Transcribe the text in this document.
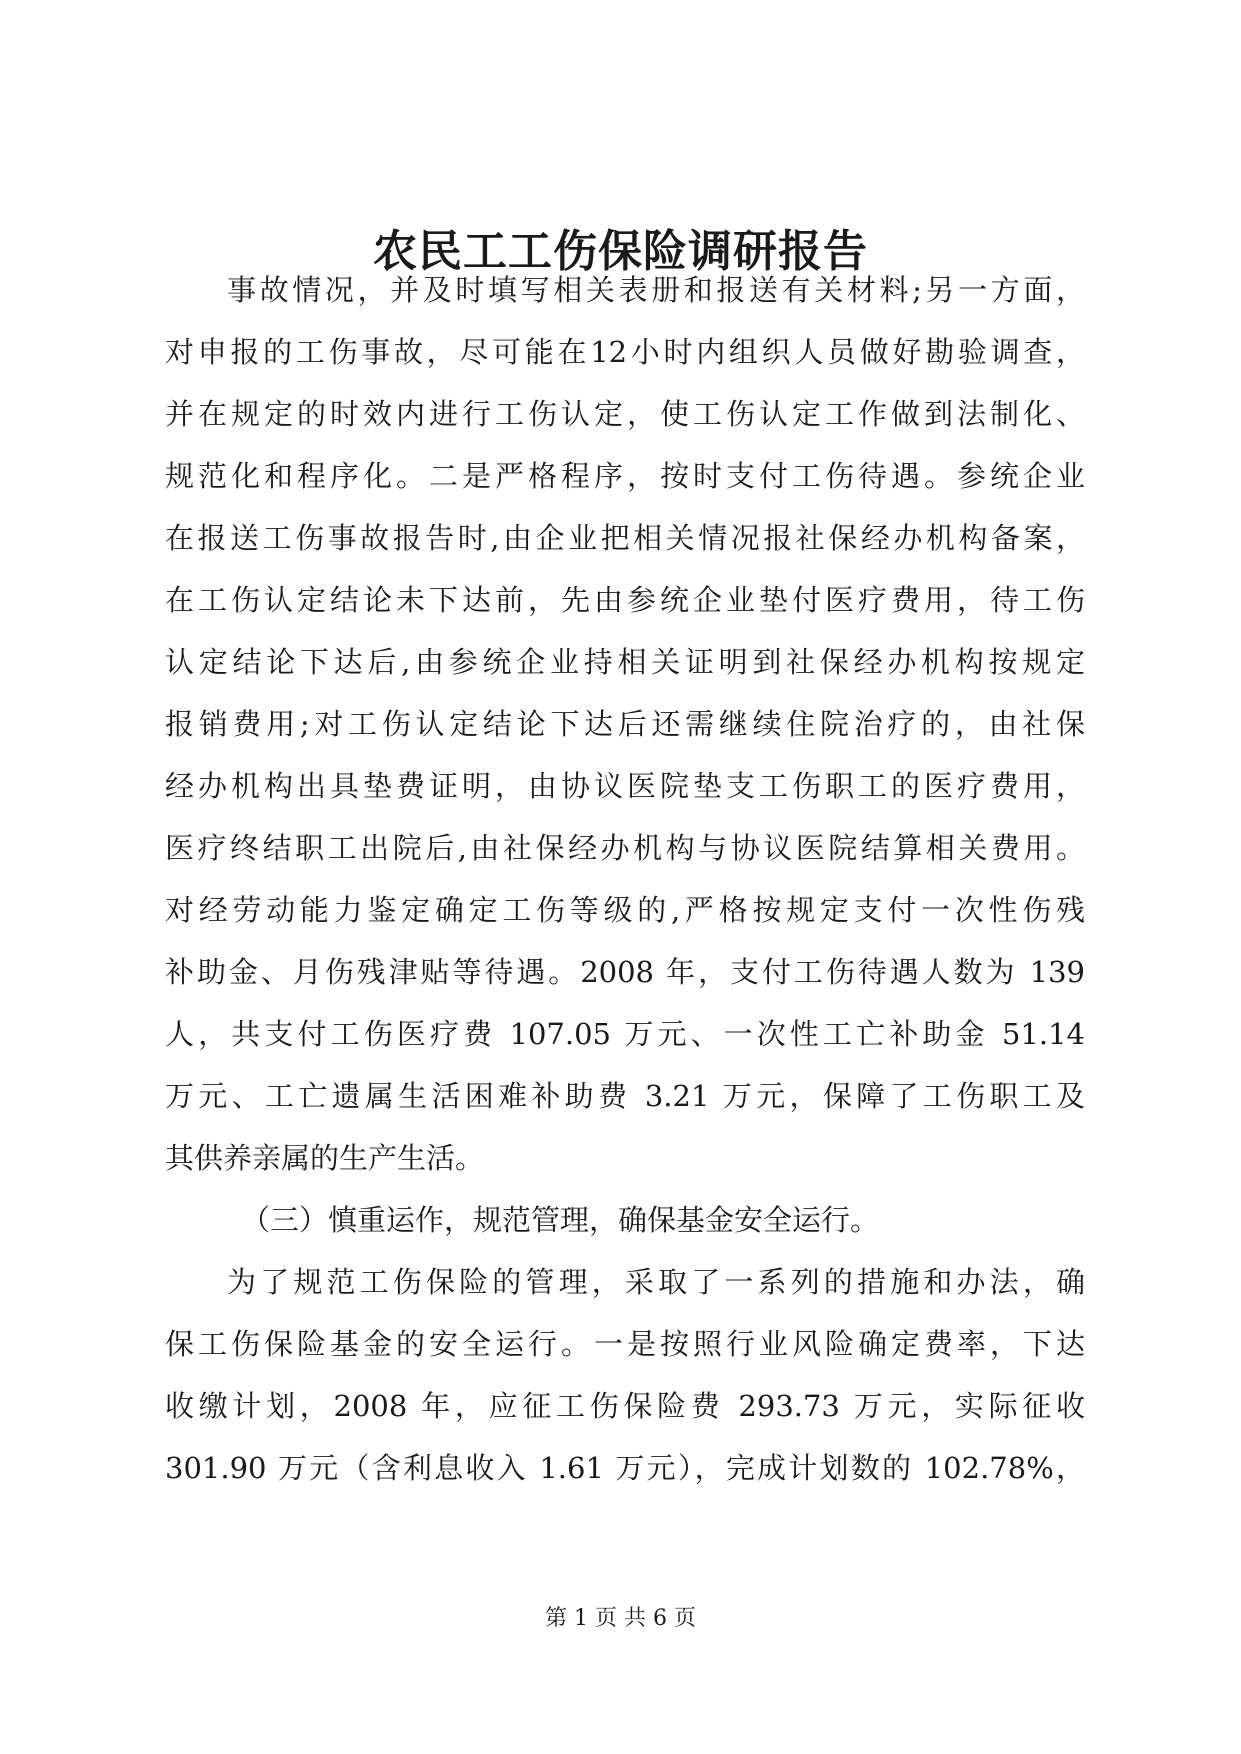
农民工工伤保险调研报告
事故情况，并及时填写相关表册和报送有关材料;另一方面，
对申报的工伤事故，尽可能在12小时内组织人员做好勘验调查，
并在规定的时效内进行工伤认定，使工伤认定工作做到法制化、
规范化和程序化。二是严格程序，按时支付工伤待遇。参统企业
在报送工伤事故报告时,由企业把相关情况报社保经办机构备案，
在工伤认定结论未下达前，先由参统企业垫付医疗费用，待工伤
认定结论下达后,由参统企业持相关证明到社保经办机构按规定
报销费用;对工伤认定结论下达后还需继续住院治疗的，由社保
经办机构出具垫费证明，由协议医院垫支工伤职工的医疗费用，
医疗终结职工出院后,由社保经办机构与协议医院结算相关费用。
对经劳动能力鉴定确定工伤等级的,严格按规定支付一次性伤残
补助金、月伤残津贴等待遇。2008 年，支付工伤待遇人数为 139
人，共支付工伤医疗费 107.05 万元、一次性工亡补助金 51.14
万元、工亡遗属生活困难补助费 3.21 万元，保障了工伤职工及
其供养亲属的生产生活。
（三）慎重运作，规范管理，确保基金安全运行。
为了规范工伤保险的管理，采取了一系列的措施和办法，确
保工伤保险基金的安全运行。一是按照行业风险确定费率，下达
收缴计划，2008 年，应征工伤保险费 293.73 万元，实际征收
301.90 万元（含利息收入 1.61 万元），完成计划数的 102.78%，
第 1 页 共 6 页
